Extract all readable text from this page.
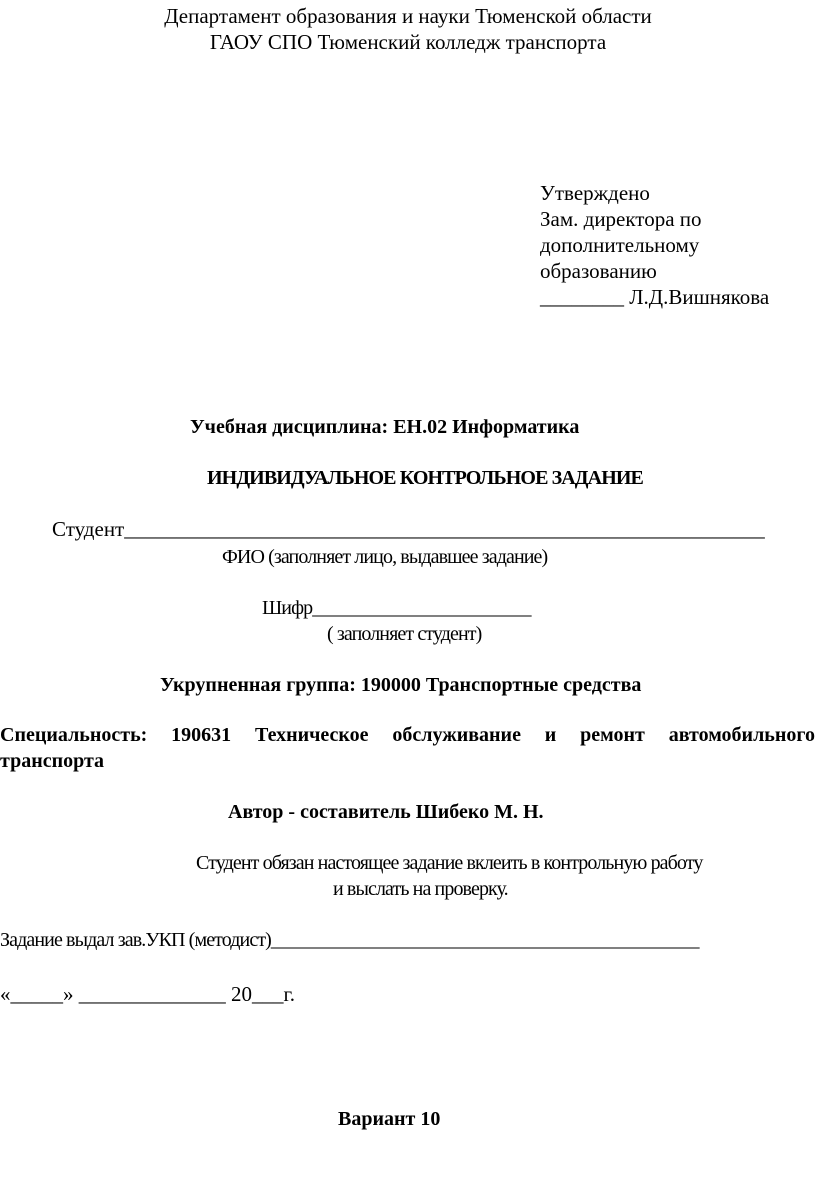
Департамент образования и науки Тюменской области
ГАОУ СПО Тюменский колледж транспорта
Утверждено
Зам. директора по
дополнительному
образованию
________ Л.Д.Вишнякова
Учебная дисциплина: ЕН.02 Информатика
ИНДИВИДУАЛЬНОЕ КОНТРОЛЬНОЕ ЗАДАНИЕ
Студент_____________________________________________________________
ФИО (заполняет лицо, выдавшее задание)
Шифр________________________
( заполняет студент)
Укрупненная группа: 190000 Транспортные средства
Специальность: 190631 Техническое обслуживание и ремонт автомобильного
транспорта
Автор - составитель Шибеко М. Н.
Студент обязан настоящее задание вклеить в контрольную работу
и выслать на проверку.
Задание выдал зав.УКП (методист)_______________________________________________
«_____» ______________ 20___г.
Вариант 10
